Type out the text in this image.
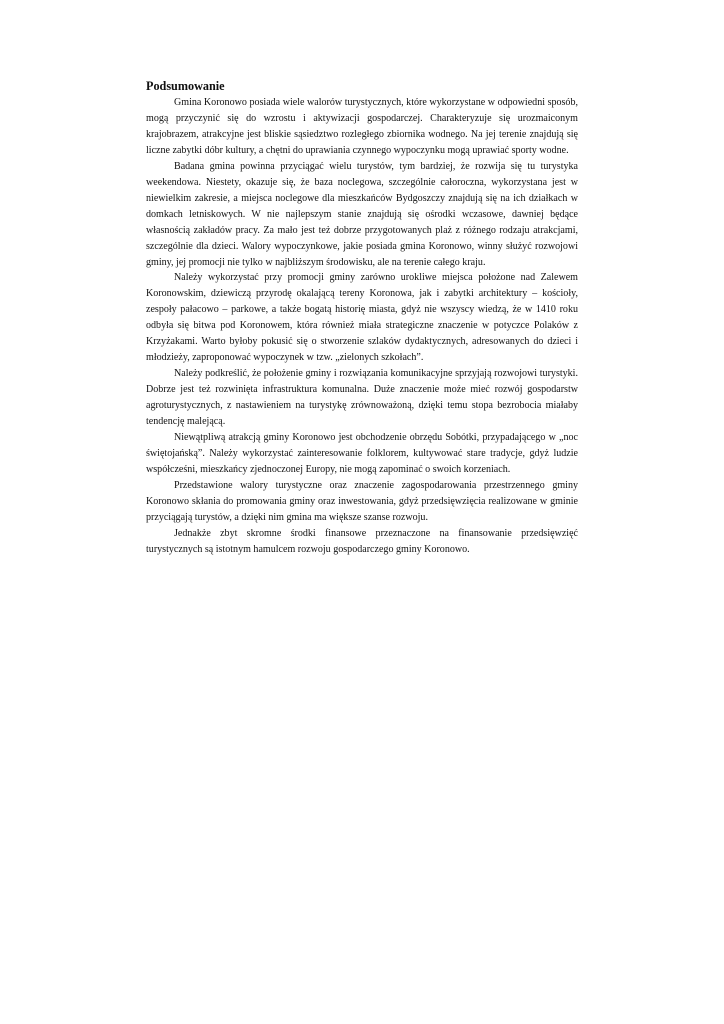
Podsumowanie

Gmina Koronowo posiada wiele walorów turystycznych, które wykorzystane w odpowiedni sposób, mogą przyczynić się do wzrostu i aktywizacji gospodarczej. Charakteryzuje się urozmaiconym krajobrazem, atrakcyjne jest bliskie sąsiedztwo rozległego zbiornika wodnego. Na jej terenie znajdują się liczne zabytki dóbr kultury, a chętni do uprawiania czynnego wypoczynku mogą uprawiać sporty wodne.

Badana gmina powinna przyciągać wielu turystów, tym bardziej, że rozwija się tu turystyka weekendowa. Niestety, okazuje się, że baza noclegowa, szczególnie całoroczna, wykorzystana jest w niewielkim zakresie, a miejsca noclegowe dla mieszkańców Bydgoszczy znajdują się na ich działkach w domkach letniskowych. W nie najlepszym stanie znajdują się ośrodki wczasowe, dawniej będące własnością zakładów pracy. Za mało jest też dobrze przygotowanych plaż z różnego rodzaju atrakcjami, szczególnie dla dzieci. Walory wypoczynkowe, jakie posiada gmina Koronowo, winny służyć rozwojowi gminy, jej promocji nie tylko w najbliższym środowisku, ale na terenie całego kraju.

Należy wykorzystać przy promocji gminy zarówno urokliwe miejsca położone nad Zalewem Koronowskim, dziewiczą przyrodę okalającą tereny Koronowa, jak i zabytki architektury – kościoły, zespoły pałacowo – parkowe, a także bogatą historię miasta, gdyż nie wszyscy wiedzą, że w 1410 roku odbyła się bitwa pod Koronowem, która również miała strategiczne znaczenie w potyczce Polaków z Krzyżakami. Warto byłoby pokusić się o stworzenie szlaków dydaktycznych, adresowanych do dzieci i młodzieży, zaproponować wypoczynek w tzw. „zielonych szkołach”.

Należy podkreślić, że położenie gminy i rozwiązania komunikacyjne sprzyjają rozwojowi turystyki. Dobrze jest też rozwinięta infrastruktura komunalna. Duże znaczenie może mieć rozwój gospodarstw agroturystycznych, z nastawieniem na turystykę zrównoważoną, dzięki temu stopa bezrobocia miałaby tendencję malejącą.

Niewątpliwą atrakcją gminy Koronowo jest obchodzenie obrzędu Sobótki, przypadającego w „noc świętojańską”. Należy wykorzystać zainteresowanie folklorem, kultywować stare tradycje, gdyż ludzie współcześni, mieszkańcy zjednoczonej Europy, nie mogą zapominać o swoich korzeniach.

Przedstawione walory turystyczne oraz znaczenie zagospodarowania przestrzennego gminy Koronowo skłania do promowania gminy oraz inwestowania, gdyż przedsięwzięcia realizowane w gminie przyciągają turystów, a dzięki nim gmina ma większe szanse rozwoju.

Jednakże zbyt skromne środki finansowe przeznaczone na finansowanie przedsięwzięć turystycznych są istotnym hamulcem rozwoju gospodarczego gminy Koronowo.
